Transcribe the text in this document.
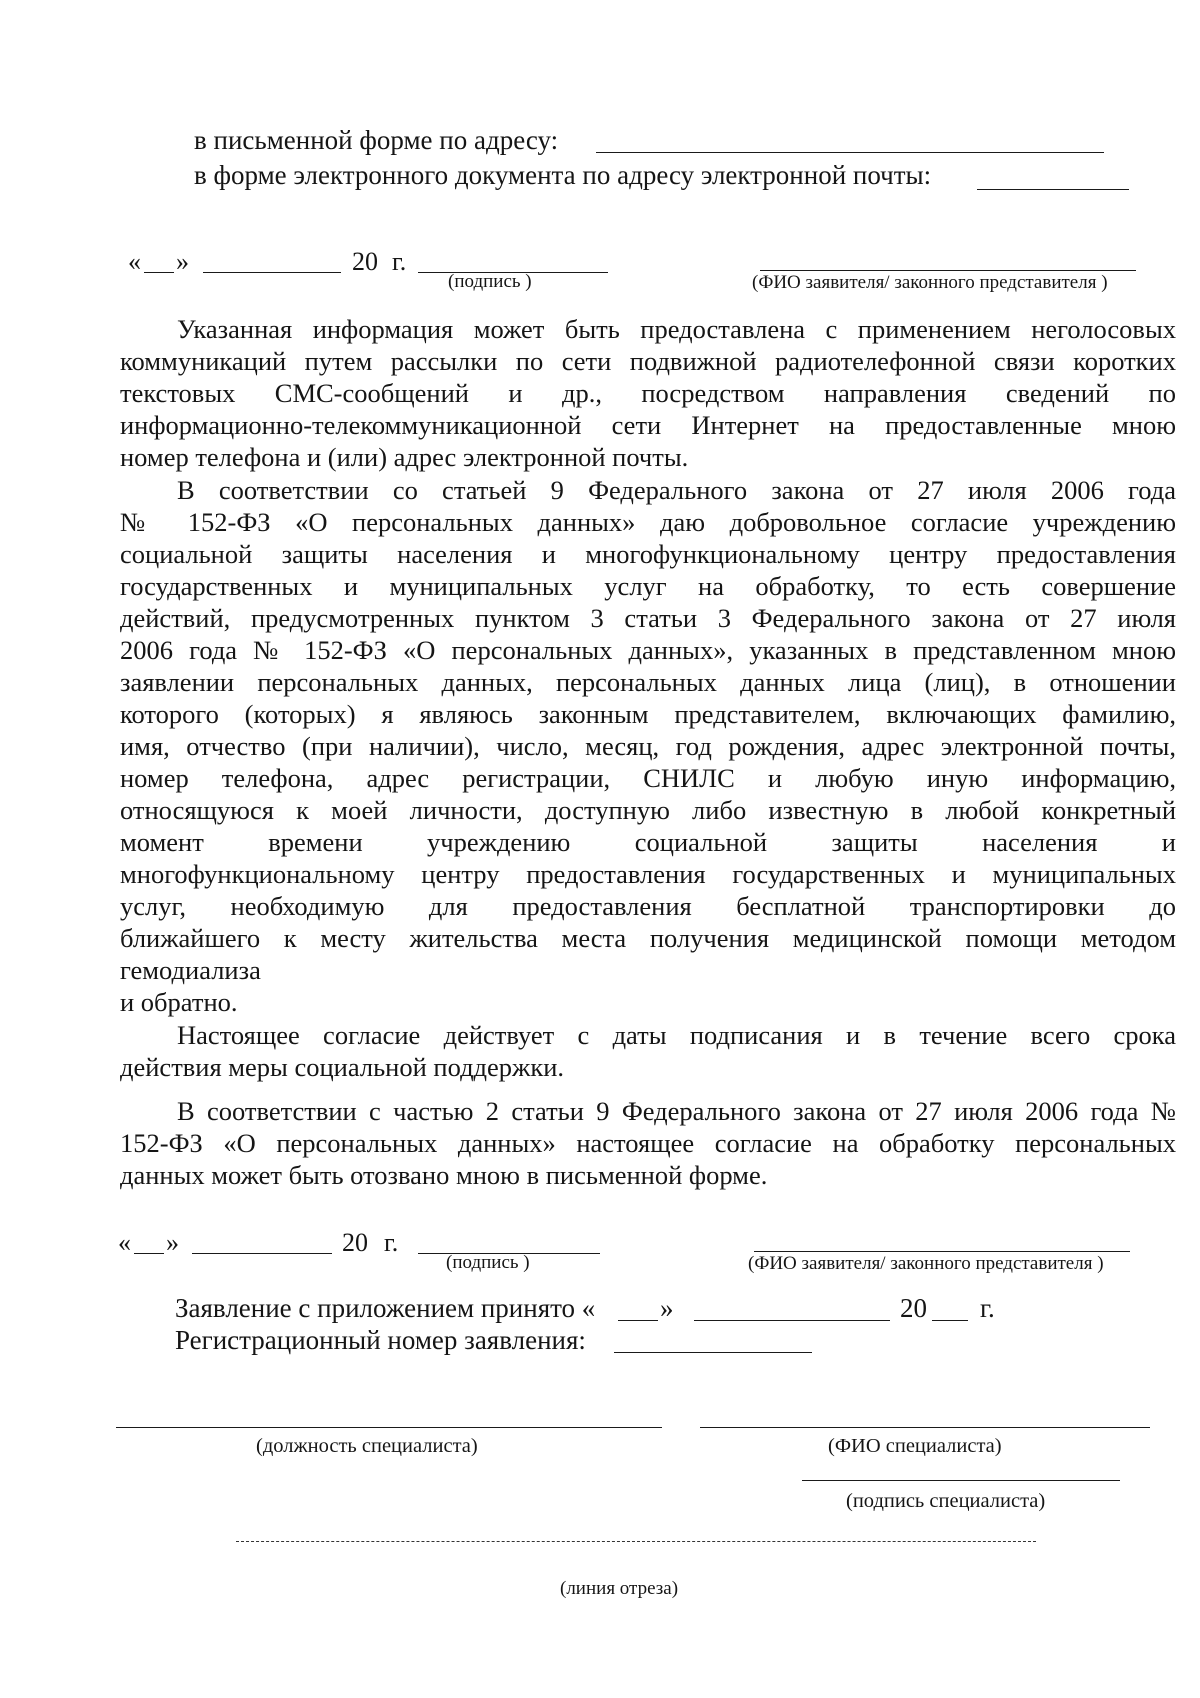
в письменной форме по адресу:
в форме электронного документа по адресу электронной почты:
« »	20 г.
(подпись )	(ФИО заявителя/ законного представителя )
Указанная информация может быть предоставлена с применением неголосовых
коммуникаций путем рассылки по сети подвижной радиотелефонной связи коротких
текстовых СМС-сообщений и др., посредством направления сведений по
информационно-телекоммуникационной сети Интернет на предоставленные мною
номер телефона и (или) адрес электронной почты.
В соответствии со статьей 9 Федерального закона от 27 июля 2006 года
№ 152-ФЗ «О персональных данных» даю добровольное согласие учреждению
социальной защиты населения и многофункциональному центру предоставления
государственных и муниципальных услуг на обработку, то есть совершение
действий, предусмотренных пунктом 3 статьи 3 Федерального закона от 27 июля
2006 года № 152-ФЗ «О персональных данных», указанных в представленном мною
заявлении персональных данных, персональных данных лица (лиц), в отношении
которого (которых) я являюсь законным представителем, включающих фамилию,
имя, отчество (при наличии), число, месяц, год рождения, адрес электронной почты,
номер телефона, адрес регистрации, СНИЛС и любую иную информацию,
относящуюся к моей личности, доступную либо известную в любой конкретный
момент времени учреждению социальной защиты населения и
многофункциональному центру предоставления государственных и муниципальных
услуг, необходимую для предоставления бесплатной транспортировки до
ближайшего к месту жительства места получения медицинской помощи методом
гемодиализа
и обратно.
Настоящее согласие действует с даты подписания и в течение всего срока
действия меры социальной поддержки.
В соответствии с частью 2 статьи 9 Федерального закона от 27 июля 2006 года №
152-ФЗ «О персональных данных» настоящее согласие на обработку персональных
данных может быть отозвано мною в письменной форме.
« »	20 г.
(подпись )	(ФИО заявителя/ законного представителя )
Заявление с приложением принято « »	20 г.
Регистрационный номер заявления:
(должность специалиста)	(ФИО специалиста)
(подпись специалиста)
(линия отреза)
